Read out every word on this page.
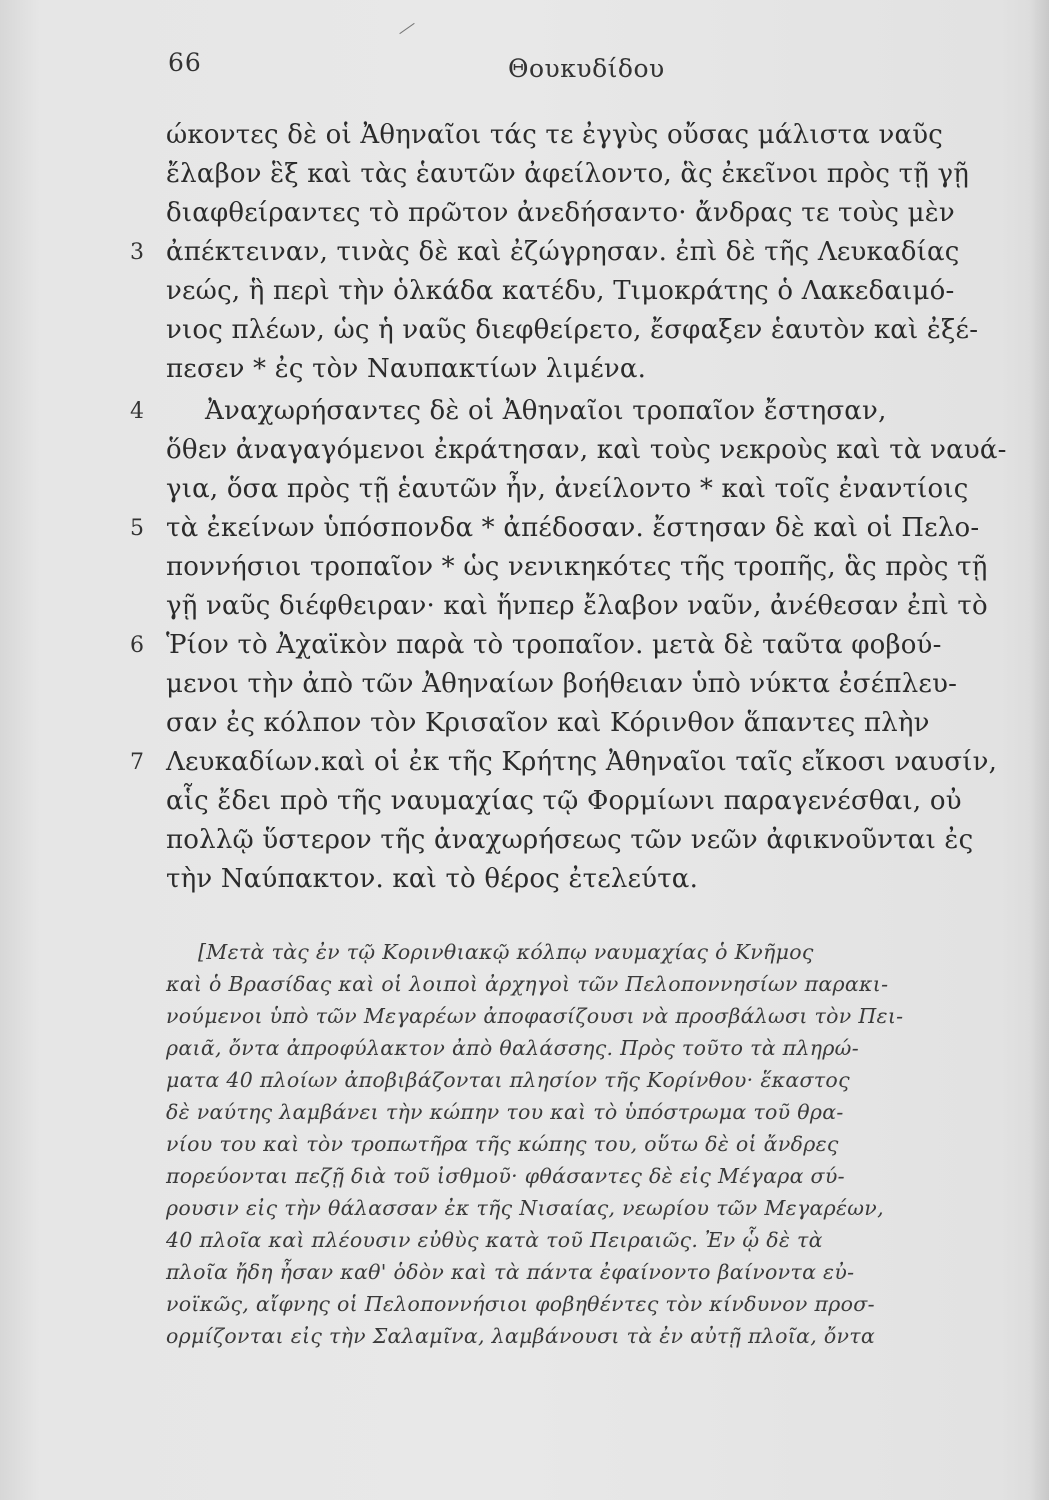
66	Θουκυδίδου
ώκοντες δὲ οἱ Ἀθηναῖοι τάς τε ἐγγὺς οὔσας μάλιστα ναῦς
ἔλαβον ἓξ καὶ τὰς ἑαυτῶν ἀφείλοντο, ἃς ἐκεῖνοι πρὸς τῇ γῇ
διαφθείραντες τὸ πρῶτον ἀνεδήσαντο· ἄνδρας τε τοὺς μὲν
ἀπέκτειναν, τινὰς δὲ καὶ ἐζώγρησαν. ἐπὶ δὲ τῆς Λευκαδίας
νεώς, ἣ περὶ τὴν ὁλκάδα κατέδυ, Τιμοκράτης ὁ Λακεδαιμό-
νιος πλέων, ὡς ἡ ναῦς διεφθείρετο, ἔσφαξεν ἑαυτὸν καὶ ἐξέ-
πεσεν * ἐς τὸν Ναυπακτίων λιμένα.
Ἀναχωρήσαντες δὲ οἱ Ἀθηναῖοι τροπαῖον ἔστησαν,
ὅθεν ἀναγαγόμενοι ἐκράτησαν, καὶ τοὺς νεκροὺς καὶ τὰ ναυά-
για, ὅσα πρὸς τῇ ἑαυτῶν ἦν, ἀνείλοντο * καὶ τοῖς ἐναντίοις
τὰ ἐκείνων ὑπόσπονδα * ἀπέδοσαν. ἔστησαν δὲ καὶ οἱ Πελο-
ποννήσιοι τροπαῖον * ὡς νενικηκότες τῆς τροπῆς, ἃς πρὸς τῇ
γῇ ναῦς διέφθειραν· καὶ ἥνπερ ἔλαβον ναῦν, ἀνέθεσαν ἐπὶ τὸ
Ῥίον τὸ Ἀχαϊκὸν παρὰ τὸ τροπαῖον. μετὰ δὲ ταῦτα φοβού-
μενοι τὴν ἀπὸ τῶν Ἀθηναίων βοήθειαν ὑπὸ νύκτα ἐσέπλευ-
σαν ἐς κόλπον τὸν Κρισαῖον καὶ Κόρινθον ἅπαντες πλὴν
Λευκαδίων.καὶ οἱ ἐκ τῆς Κρήτης Ἀθηναῖοι ταῖς εἴκοσι ναυσίν,
αἷς ἔδει πρὸ τῆς ναυμαχίας τῷ Φορμίωνι παραγενέσθαι, οὐ
πολλῷ ὕστερον τῆς ἀναχωρήσεως τῶν νεῶν ἀφικνοῦνται ἐς
τὴν Ναύπακτον. καὶ τὸ θέρος ἐτελεύτα.
3
4
5
6
7
[Μετὰ τὰς ἐν τῷ Κορινθιακῷ κόλπῳ ναυμαχίας ὁ Κνῆμος
καὶ ὁ Βρασίδας καὶ οἱ λοιποὶ ἀρχηγοὶ τῶν Πελοποννησίων παρακι-
νούμενοι ὑπὸ τῶν Μεγαρέων ἀποφασίζουσι νὰ προσβάλωσι τὸν Πει-
ραιᾶ, ὄντα ἀπροφύλακτον ἀπὸ θαλάσσης. Πρὸς τοῦτο τὰ πληρώ-
ματα 40 πλοίων ἀποβιβάζονται πλησίον τῆς Κορίνθου· ἕκαστος
δὲ ναύτης λαμβάνει τὴν κώπην του καὶ τὸ ὑπόστρωμα τοῦ θρα-
νίου του καὶ τὸν τροπωτῆρα τῆς κώπης του, οὕτω δὲ οἱ ἄνδρες
πορεύονται πεζῇ διὰ τοῦ ἰσθμοῦ· φθάσαντες δὲ εἰς Μέγαρα σύ-
ρουσιν εἰς τὴν θάλασσαν ἐκ τῆς Νισαίας, νεωρίου τῶν Μεγαρέων,
40 πλοῖα καὶ πλέουσιν εὐθὺς κατὰ τοῦ Πειραιῶς. Ἐν ᾧ δὲ τὰ
πλοῖα ἤδη ἦσαν καθ' ὁδὸν καὶ τὰ πάντα ἐφαίνοντο βαίνοντα εὐ-
νοϊκῶς, αἴφνης οἱ Πελοποννήσιοι φοβηθέντες τὸν κίνδυνον προσ-
ορμίζονται εἰς τὴν Σαλαμῖνα, λαμβάνουσι τὰ ἐν αὐτῇ πλοῖα, ὄντα
